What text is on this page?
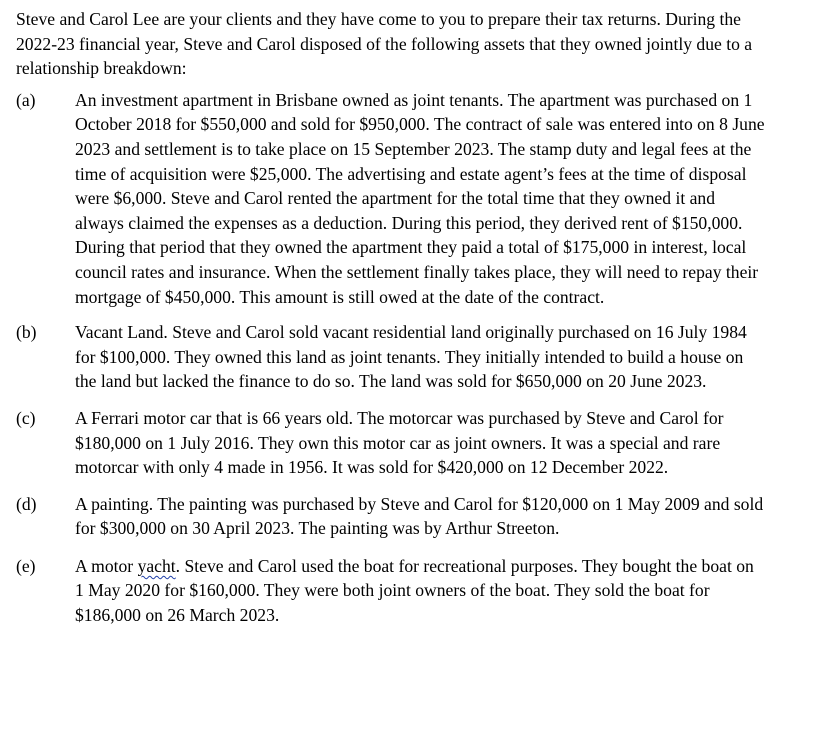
Steve and Carol Lee are your clients and they have come to you to prepare their tax returns. During the 2022-23 financial year, Steve and Carol disposed of the following assets that they owned jointly due to a relationship breakdown:

(a)	An investment apartment in Brisbane owned as joint tenants. The apartment was purchased on 1 October 2018 for $550,000 and sold for $950,000. The contract of sale was entered into on 8 June 2023 and settlement is to take place on 15 September 2023. The stamp duty and legal fees at the time of acquisition were $25,000. The advertising and estate agent’s fees at the time of disposal were $6,000. Steve and Carol rented the apartment for the total time that they owned it and always claimed the expenses as a deduction. During this period, they derived rent of $150,000. During that period that they owned the apartment they paid a total of $175,000 in interest, local council rates and insurance. When the settlement finally takes place, they will need to repay their mortgage of $450,000. This amount is still owed at the date of the contract.

(b)	Vacant Land. Steve and Carol sold vacant residential land originally purchased on 16 July 1984 for $100,000. They owned this land as joint tenants. They initially intended to build a house on the land but lacked the finance to do so. The land was sold for $650,000 on 20 June 2023.

(c)	A Ferrari motor car that is 66 years old. The motorcar was purchased by Steve and Carol for $180,000 on 1 July 2016. They own this motor car as joint owners. It was a special and rare motorcar with only 4 made in 1956. It was sold for $420,000 on 12 December 2022.

(d)	A painting. The painting was purchased by Steve and Carol for $120,000 on 1 May 2009 and sold for $300,000 on 30 April 2023. The painting was by Arthur Streeton.

(e)	A motor yacht. Steve and Carol used the boat for recreational purposes. They bought the boat on 1 May 2020 for $160,000. They were both joint owners of the boat. They sold the boat for $186,000 on 26 March 2023.
